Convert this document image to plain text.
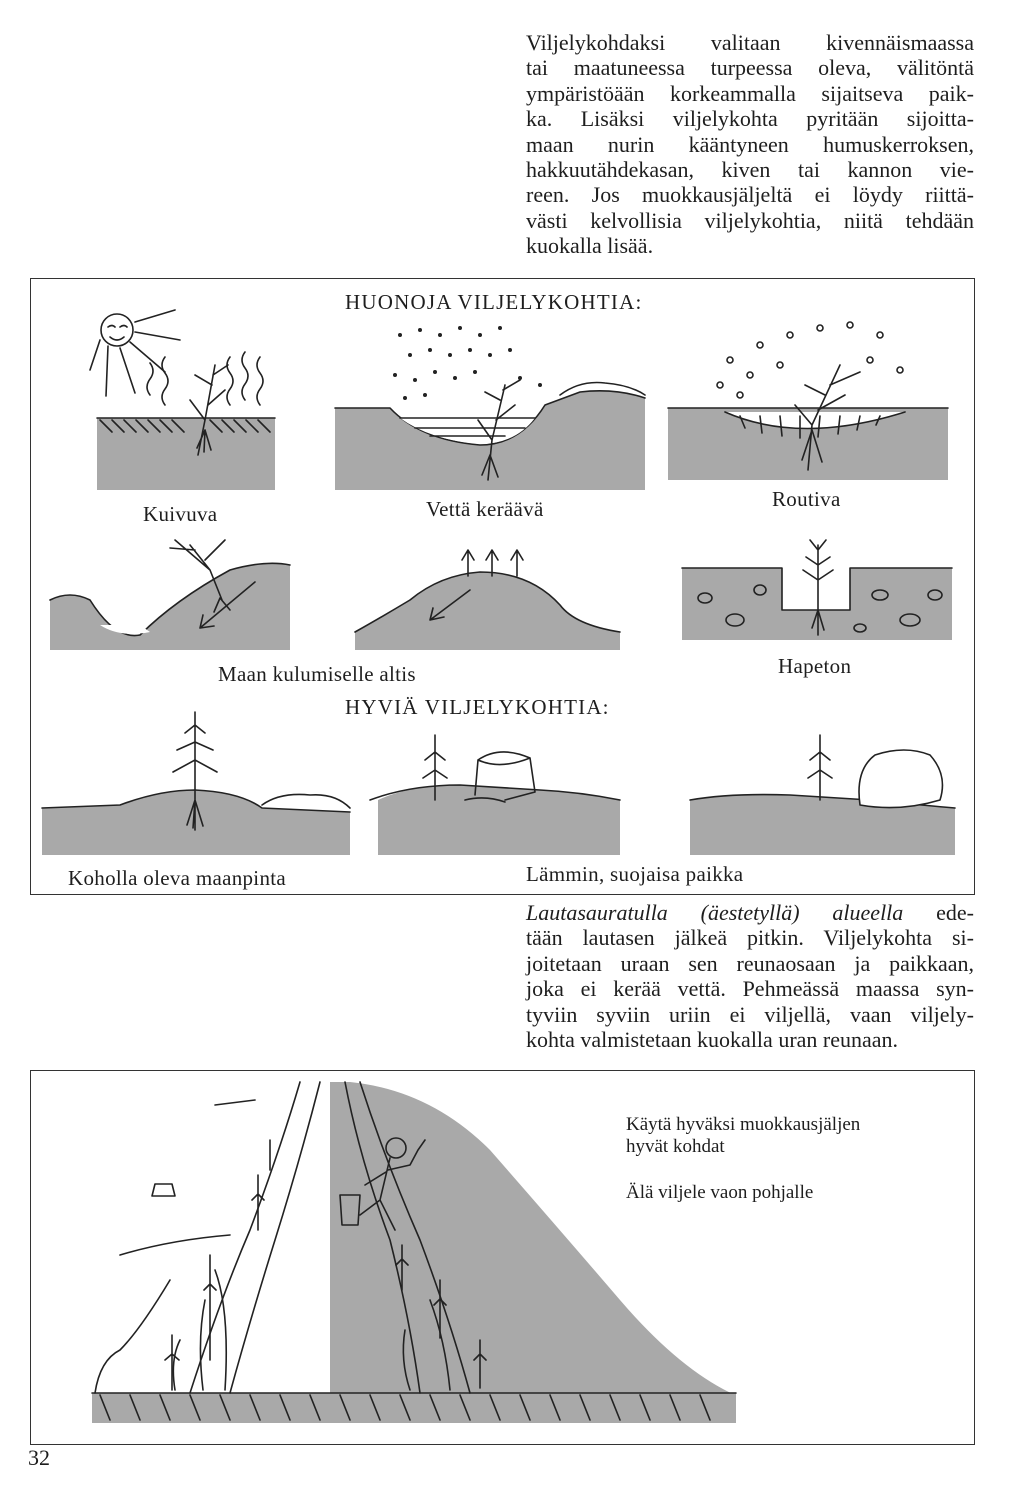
Viljelykohdaksi valitaan kivennäismaassa
tai maatuneessa turpeessa oleva, välitöntä
ympäristöään korkeammalla sijaitseva paik-
ka. Lisäksi viljelykohta pyritään sijoitta-
maan nurin kääntyneen humuskerroksen,
hakkuutähdekasan, kiven tai kannon vie-
reen. Jos muokkausjäljeltä ei löydy riittä-
västi kelvollisia viljelykohtia, niitä tehdään
kuokalla lisää.
HUONOJA VILJELYKOHTIA:
Kuivuva	Vettä keräävä	Routiva
Maan kulumiselle altis	Hapeton
HYVIÄ VILJELYKOHTIA:
Koholla oleva maanpinta	Lämmin, suojaisa paikka
Lautasauratulla (äestetyllä) alueella ede-
tään lautasen jälkeä pitkin. Viljelykohta si-
joitetaan uraan sen reunaosaan ja paikkaan,
joka ei kerää vettä. Pehmeässä maassa syn-
tyviin syviin uriin ei viljellä, vaan viljely-
kohta valmistetaan kuokalla uran reunaan.
Käytä hyväksi muokkausjäljen
hyvät kohdat
Älä viljele vaon pohjalle
32
